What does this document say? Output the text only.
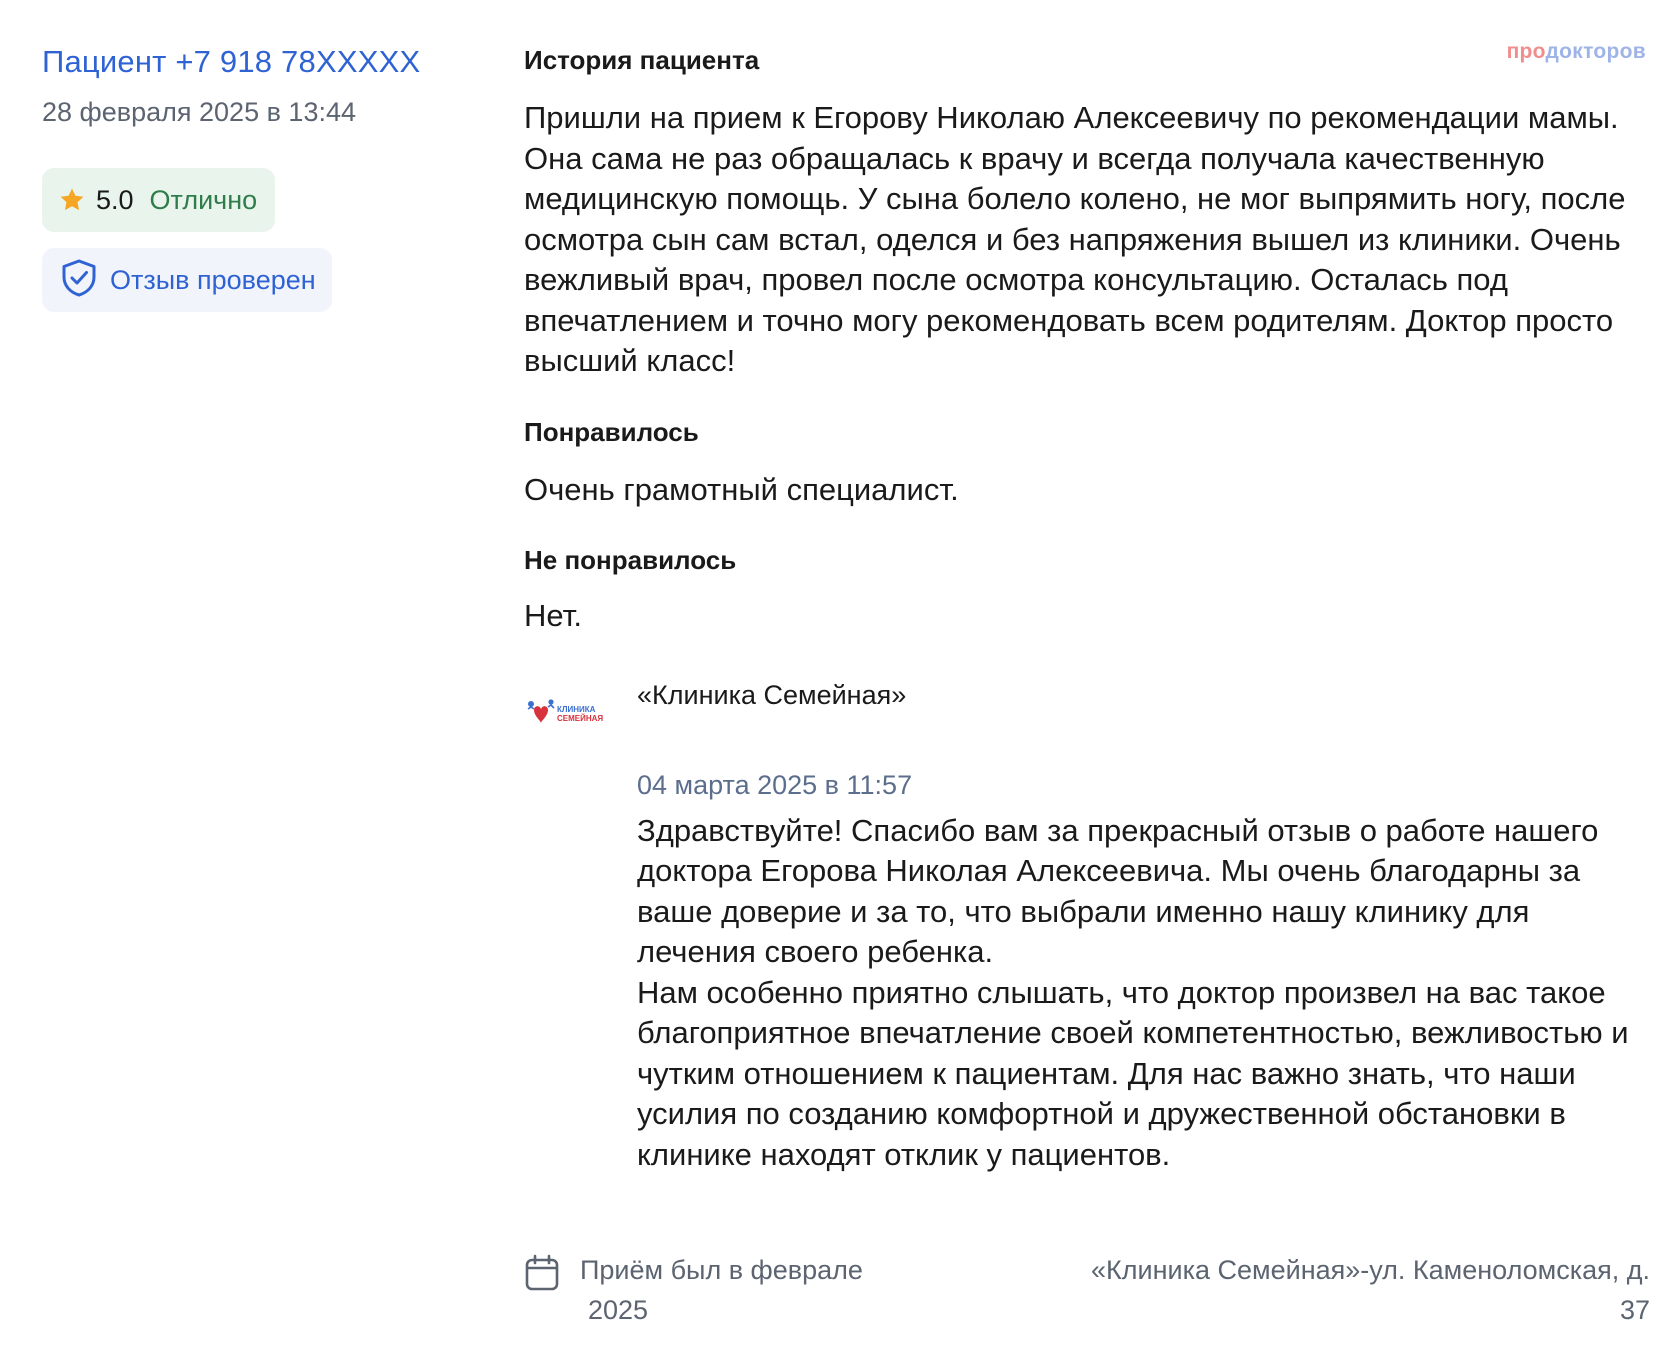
Пациент +7 918 78XXXXX
28 февраля 2025 в 13:44
5.0 Отлично
Отзыв проверен
продокторов
История пациента
Пришли на прием к Егорову Николаю Алексеевичу по рекомендации мамы. Она сама не раз обращалась к врачу и всегда получала качественную медицинскую помощь. У сына болело колено, не мог выпрямить ногу, после осмотра сын сам встал, оделся и без напряжения вышел из клиники. Очень вежливый врач, провел после осмотра консультацию. Осталась под впечатлением и точно могу рекомендовать всем родителям. Доктор просто высший класс!
Понравилось
Очень грамотный специалист.
Не понравилось
Нет.
КЛИНИКА
СЕМЕЙНАЯ
«Клиника Семейная»
04 марта 2025 в 11:57

Здравствуйте! Спасибо вам за прекрасный отзыв о работе нашего доктора Егорова Николая Алексеевича. Мы очень благодарны за ваше доверие и за то, что выбрали именно нашу клинику для лечения своего ребенка.

Нам особенно приятно слышать, что доктор произвел на вас такое благоприятное впечатление своей компетентностью, вежливостью и чутким отношением к пациентам. Для нас важно знать, что наши усилия по созданию комфортной и дружественной обстановки в клинике находят отклик у пациентов.

Приём был в феврале
2025
«Клиника Семейная»-ул. Каменоломская, д.
37
